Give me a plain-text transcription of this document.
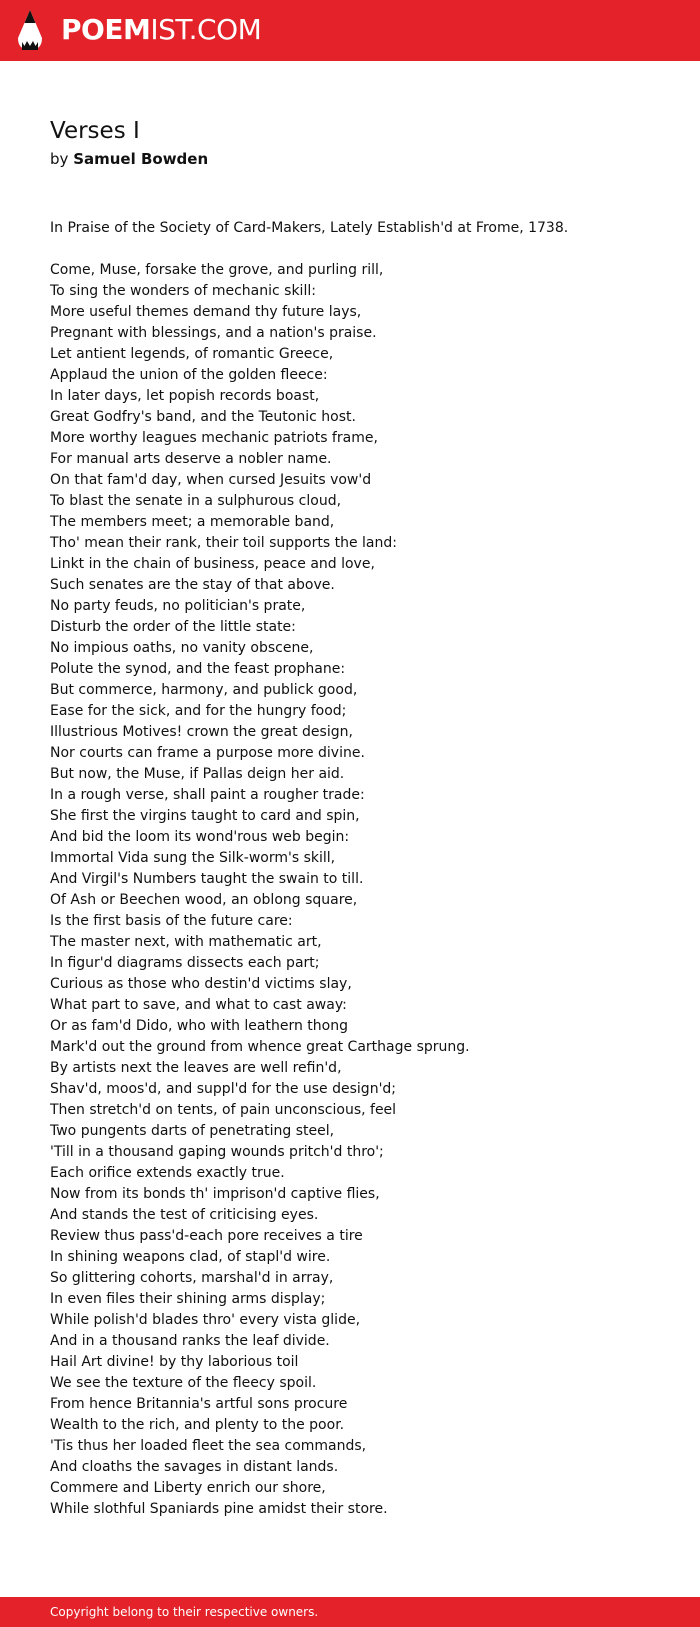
POEMIST.COM
Verses I
by Samuel Bowden
In Praise of the Society of Card-Makers, Lately Establish'd at Frome, 1738.
Come, Muse, forsake the grove, and purling rill,
To sing the wonders of mechanic skill:
More useful themes demand thy future lays,
Pregnant with blessings, and a nation's praise.
Let antient legends, of romantic Greece,
Applaud the union of the golden fleece:
In later days, let popish records boast,
Great Godfry's band, and the Teutonic host.
More worthy leagues mechanic patriots frame,
For manual arts deserve a nobler name.
On that fam'd day, when cursed Jesuits vow'd
To blast the senate in a sulphurous cloud,
The members meet; a memorable band,
Tho' mean their rank, their toil supports the land:
Linkt in the chain of business, peace and love,
Such senates are the stay of that above.
No party feuds, no politician's prate,
Disturb the order of the little state:
No impious oaths, no vanity obscene,
Polute the synod, and the feast prophane:
But commerce, harmony, and publick good,
Ease for the sick, and for the hungry food;
Illustrious Motives! crown the great design,
Nor courts can frame a purpose more divine.
But now, the Muse, if Pallas deign her aid.
In a rough verse, shall paint a rougher trade:
She first the virgins taught to card and spin,
And bid the loom its wond'rous web begin:
Immortal Vida sung the Silk-worm's skill,
And Virgil's Numbers taught the swain to till.
Of Ash or Beechen wood, an oblong square,
Is the first basis of the future care:
The master next, with mathematic art,
In figur'd diagrams dissects each part;
Curious as those who destin'd victims slay,
What part to save, and what to cast away:
Or as fam'd Dido, who with leathern thong
Mark'd out the ground from whence great Carthage sprung.
By artists next the leaves are well refin'd,
Shav'd, moos'd, and suppl'd for the use design'd;
Then stretch'd on tents, of pain unconscious, feel
Two pungents darts of penetrating steel,
'Till in a thousand gaping wounds pritch'd thro';
Each orifice extends exactly true.
Now from its bonds th' imprison'd captive flies,
And stands the test of criticising eyes.
Review thus pass'd-each pore receives a tire
In shining weapons clad, of stapl'd wire.
So glittering cohorts, marshal'd in array,
In even files their shining arms display;
While polish'd blades thro' every vista glide,
And in a thousand ranks the leaf divide.
Hail Art divine! by thy laborious toil
We see the texture of the fleecy spoil.
From hence Britannia's artful sons procure
Wealth to the rich, and plenty to the poor.
'Tis thus her loaded fleet the sea commands,
And cloaths the savages in distant lands.
Commere and Liberty enrich our shore,
While slothful Spaniards pine amidst their store.
Copyright belong to their respective owners.
